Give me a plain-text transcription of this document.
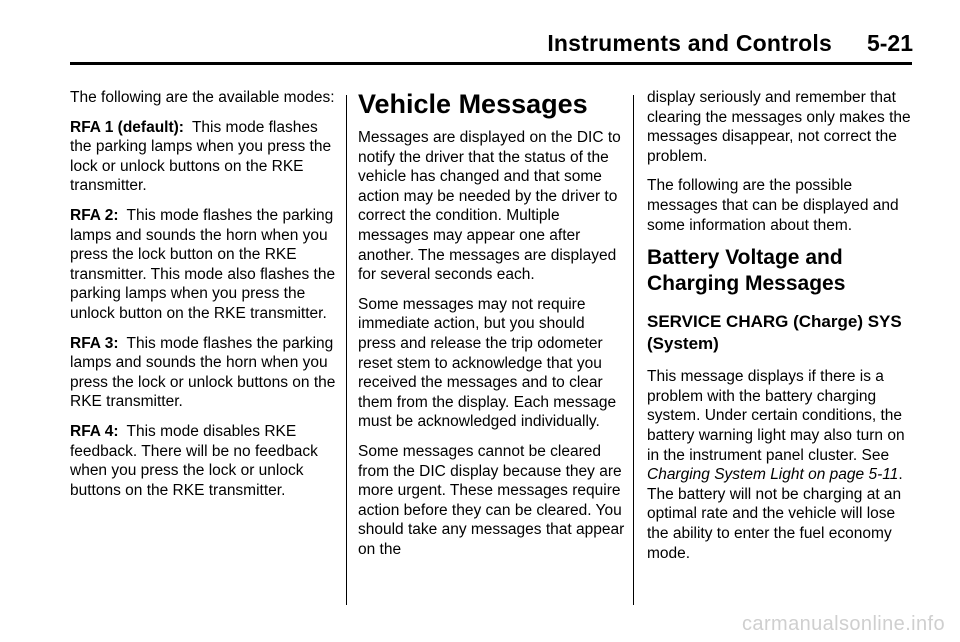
Instruments and Controls 5-21

The following are the available modes:

RFA 1 (default): This mode flashes the parking lamps when you press the lock or unlock buttons on the RKE transmitter.

RFA 2: This mode flashes the parking lamps and sounds the horn when you press the lock button on the RKE transmitter. This mode also flashes the parking lamps when you press the unlock button on the RKE transmitter.

RFA 3: This mode flashes the parking lamps and sounds the horn when you press the lock or unlock buttons on the RKE transmitter.

RFA 4: This mode disables RKE feedback. There will be no feedback when you press the lock or unlock buttons on the RKE transmitter.

Vehicle Messages

Messages are displayed on the DIC to notify the driver that the status of the vehicle has changed and that some action may be needed by the driver to correct the condition. Multiple messages may appear one after another. The messages are displayed for several seconds each.

Some messages may not require immediate action, but you should press and release the trip odometer reset stem to acknowledge that you received the messages and to clear them from the display. Each message must be acknowledged individually.

Some messages cannot be cleared from the DIC display because they are more urgent. These messages require action before they can be cleared. You should take any messages that appear on the

display seriously and remember that clearing the messages only makes the messages disappear, not correct the problem.

The following are the possible messages that can be displayed and some information about them.

Battery Voltage and Charging Messages
SERVICE CHARG (Charge) SYS (System)

This message displays if there is a problem with the battery charging system. Under certain conditions, the battery warning light may also turn on in the instrument panel cluster. See Charging System Light on page 5‑11. The battery will not be charging at an optimal rate and the vehicle will lose the ability to enter the fuel economy mode.

carmanualsonline.info
